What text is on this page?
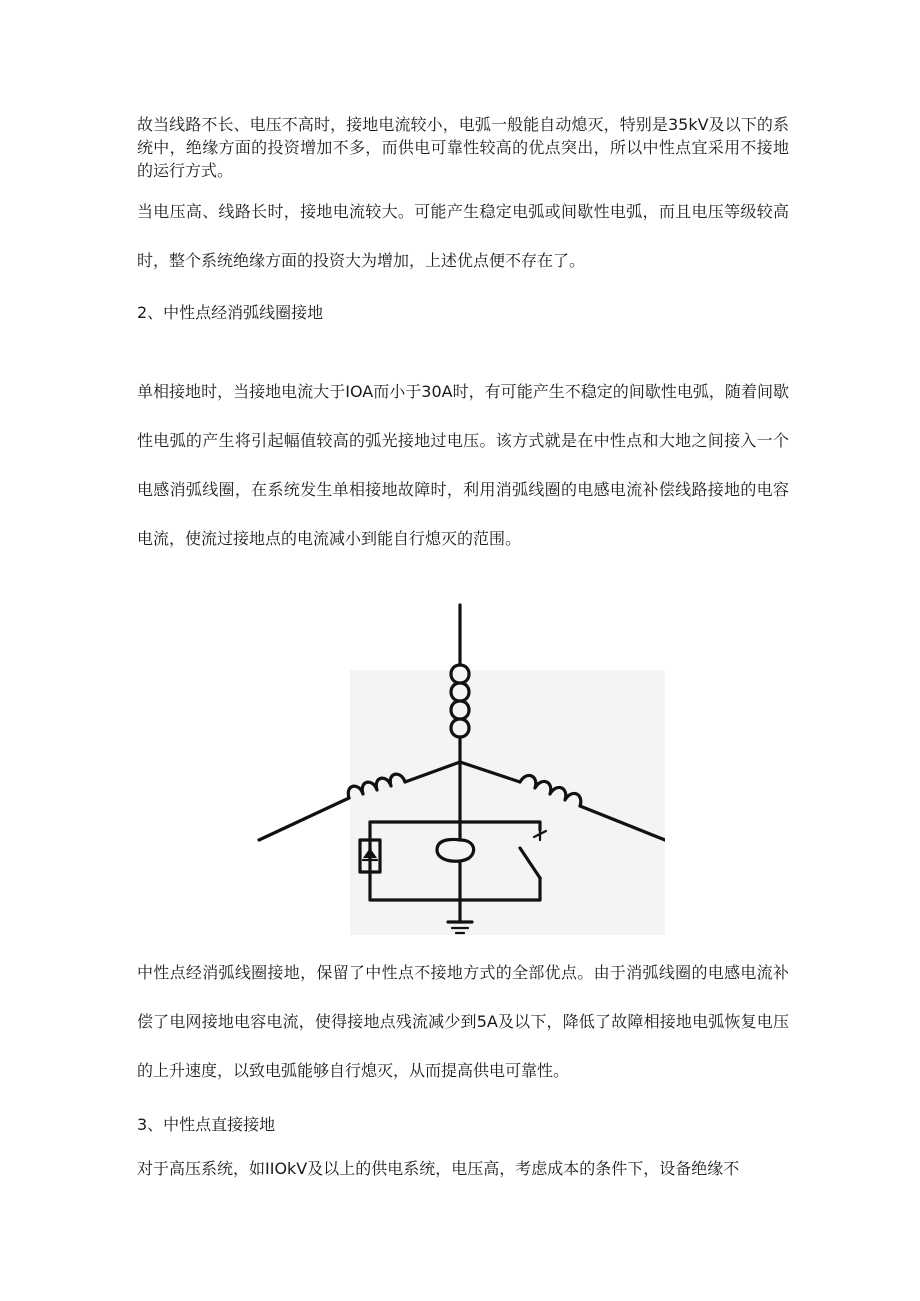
故当线路不长、电压不高时，接地电流较小，电弧一般能自动熄灭，特别是35kV及以下的系统中，绝缘方面的投资增加不多，而供电可靠性较高的优点突出，所以中性点宜采用不接地的运行方式。

当电压高、线路长时，接地电流较大。可能产生稳定电弧或间歇性电弧，而且电压等级较高时，整个系统绝缘方面的投资大为增加，上述优点便不存在了。

2、中性点经消弧线圈接地

单相接地时，当接地电流大于IOA而小于30A时，有可能产生不稳定的间歇性电弧，随着间歇性电弧的产生将引起幅值较高的弧光接地过电压。该方式就是在中性点和大地之间接入一个电感消弧线圈，在系统发生单相接地故障时，利用消弧线圈的电感电流补偿线路接地的电容电流，使流过接地点的电流减小到能自行熄灭的范围。

中性点经消弧线圈接地，保留了中性点不接地方式的全部优点。由于消弧线圈的电感电流补偿了电网接地电容电流，使得接地点残流减少到5A及以下，降低了故障相接地电弧恢复电压的上升速度，以致电弧能够自行熄灭，从而提高供电可靠性。

3、中性点直接接地

对于高压系统，如IIOkV及以上的供电系统，电压高，考虑成本的条件下，设备绝缘不
